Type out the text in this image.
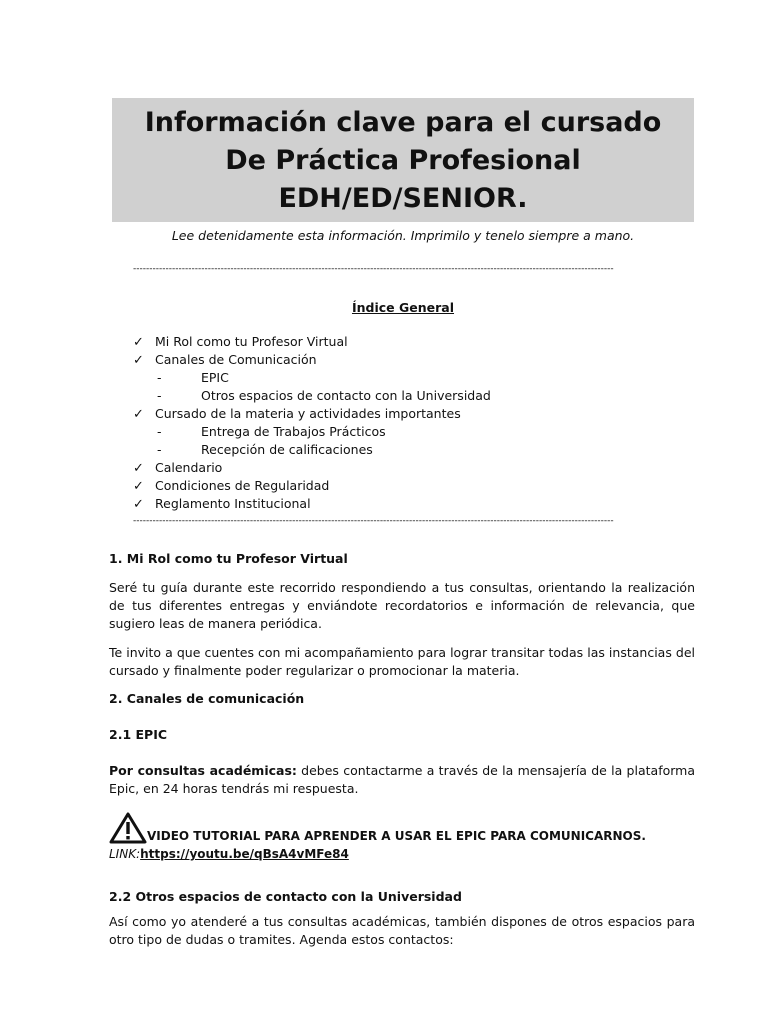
Información clave para el cursado
De Práctica Profesional
EDH/ED/SENIOR.
Lee detenidamente esta información. Imprimilo y tenelo siempre a mano.
----------------------------------------------------------------------------------------------------------------------------------------------------
Índice General
✓ Mi Rol como tu Profesor Virtual
✓ Canales de Comunicación
-	EPIC
-	Otros espacios de contacto con la Universidad
✓ Cursado de la materia y actividades importantes
-	Entrega de Trabajos Prácticos
-	Recepción de calificaciones
✓ Calendario
✓ Condiciones de Regularidad
✓ Reglamento Institucional
----------------------------------------------------------------------------------------------------------------------------------------------------
1. Mi Rol como tu Profesor Virtual
Seré tu guía durante este recorrido respondiendo a tus consultas, orientando la realización de tus diferentes entregas y enviándote recordatorios e información de relevancia, que sugiero leas de manera periódica.
Te invito a que cuentes con mi acompañamiento para lograr transitar todas las instancias del cursado y finalmente poder regularizar o promocionar la materia.
2. Canales de comunicación
2.1 EPIC
Por consultas académicas: debes contactarme a través de la mensajería de la plataforma Epic, en 24 horas tendrás mi respuesta.
VIDEO TUTORIAL PARA APRENDER A USAR EL EPIC PARA COMUNICARNOS.
LINK:https://youtu.be/qBsA4vMFe84
2.2 Otros espacios de contacto con la Universidad
Así como yo atenderé a tus consultas académicas, también dispones de otros espacios para otro tipo de dudas o tramites. Agenda estos contactos:
